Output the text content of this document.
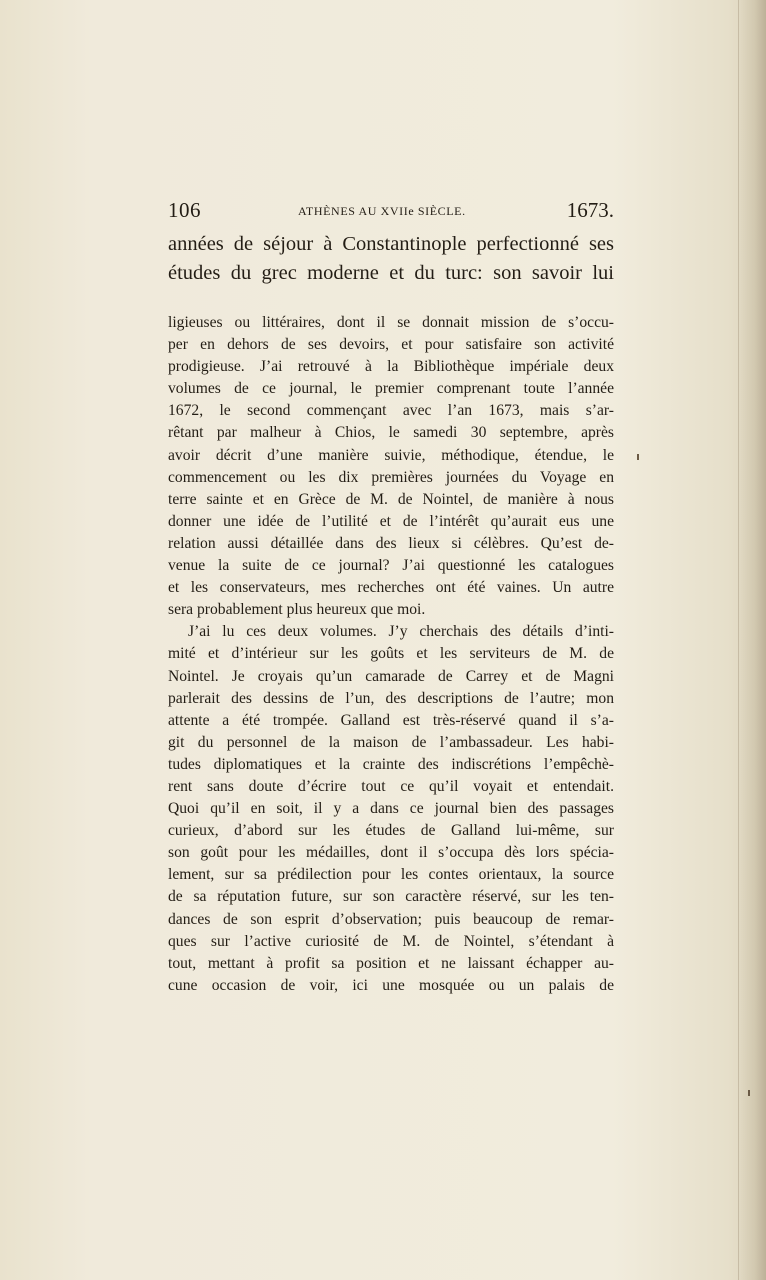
106	ATHÈNES AU XVIIe SIÈCLE.	1673.
années de séjour à Constantinople perfectionné ses
études du grec moderne et du turc: son savoir lui
ligieuses ou littéraires, dont il se donnait mission de s’occu-
per en dehors de ses devoirs, et pour satisfaire son activité
prodigieuse. J’ai retrouvé à la Bibliothèque impériale deux
volumes de ce journal, le premier comprenant toute l’année
1672, le second commençant avec l’an 1673, mais s’ar-
rêtant par malheur à Chios, le samedi 30 septembre, après
avoir décrit d’une manière suivie, méthodique, étendue, le
commencement ou les dix premières journées du Voyage en
terre sainte et en Grèce de M. de Nointel, de manière à nous
donner une idée de l’utilité et de l’intérêt qu’aurait eus une
relation aussi détaillée dans des lieux si célèbres. Qu’est de-
venue la suite de ce journal? J’ai questionné les catalogues
et les conservateurs, mes recherches ont été vaines. Un autre
sera probablement plus heureux que moi.
J’ai lu ces deux volumes. J’y cherchais des détails d’inti-
mité et d’intérieur sur les goûts et les serviteurs de M. de
Nointel. Je croyais qu’un camarade de Carrey et de Magni
parlerait des dessins de l’un, des descriptions de l’autre; mon
attente a été trompée. Galland est très-réservé quand il s’a-
git du personnel de la maison de l’ambassadeur. Les habi-
tudes diplomatiques et la crainte des indiscrétions l’empêchè-
rent sans doute d’écrire tout ce qu’il voyait et entendait.
Quoi qu’il en soit, il y a dans ce journal bien des passages
curieux, d’abord sur les études de Galland lui-même, sur
son goût pour les médailles, dont il s’occupa dès lors spécia-
lement, sur sa prédilection pour les contes orientaux, la source
de sa réputation future, sur son caractère réservé, sur les ten-
dances de son esprit d’observation; puis beaucoup de remar-
ques sur l’active curiosité de M. de Nointel, s’étendant à
tout, mettant à profit sa position et ne laissant échapper au-
cune occasion de voir, ici une mosquée ou un palais de
